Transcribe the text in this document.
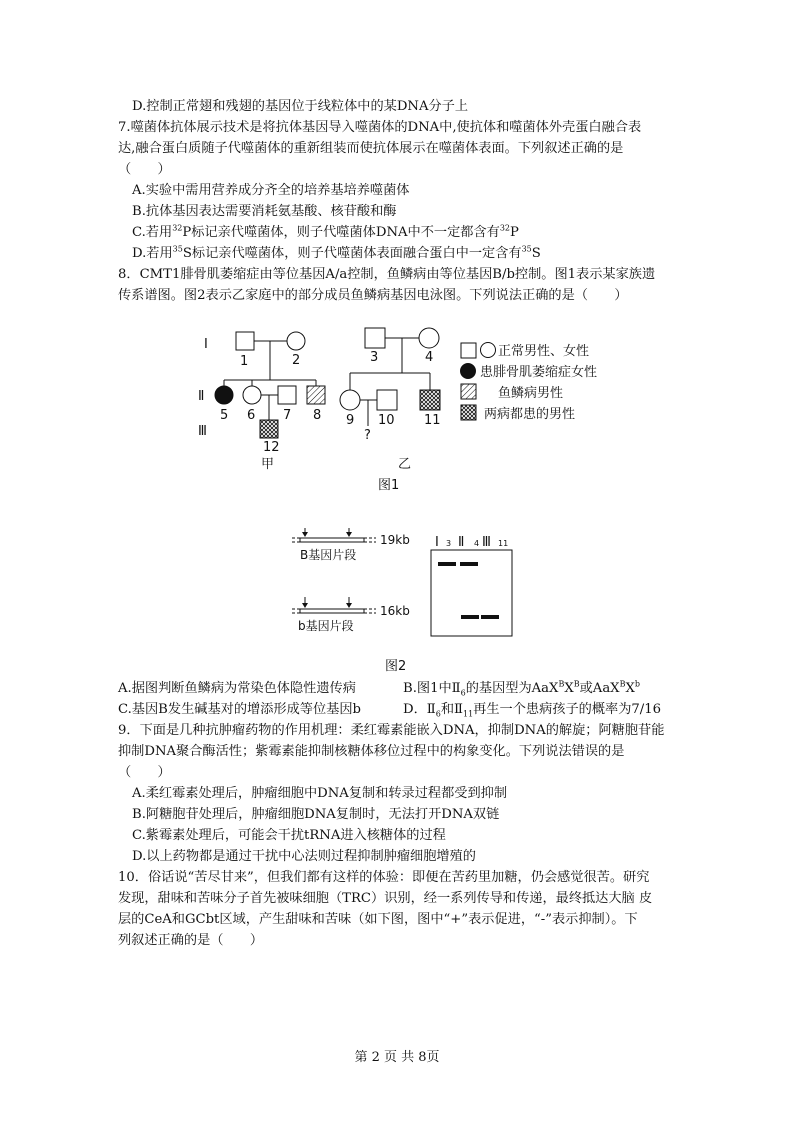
D.控制正常翅和残翅的基因位于线粒体中的某DNA分子上
7.噬菌体抗体展示技术是将抗体基因导入噬菌体的DNA中,使抗体和噬菌体外壳蛋白融合表
达,融合蛋白质随子代噬菌体的重新组装而使抗体展示在噬菌体表面。下列叙述正确的是
（　　）
A.实验中需用营养成分齐全的培养基培养噬菌体
B.抗体基因表达需要消耗氨基酸、核苷酸和酶
C.若用$^{32}$P标记亲代噬菌体，则子代噬菌体DNA中不一定都含有$^{32}$P
D.若用$^{35}$S标记亲代噬菌体，则子代噬菌体表面融合蛋白中一定含有$^{35}$S
8．CMT1腓骨肌萎缩症由等位基因A/a控制，鱼鳞病由等位基因B/b控制。图1表示某家族遗
传系谱图。图2表示乙家庭中的部分成员鱼鳞病基因电泳图。下列说法正确的是（　　）
Ⅰ
Ⅱ
Ⅲ
1	2	3	4
5 6 7 8 9 10 11
12
?
甲	乙
图1
正常男性、女性
患腓骨肌萎缩症女性
鱼鳞病男性
两病都患的男性
19kb
16kb
B基因片段
b基因片段
Ⅰ 3 Ⅱ 4 Ⅲ 11
图2
A.据图判断鱼鳞病为常染色体隐性遗传病	B.图1中$Ⅱ_6$的基因型为$AaX^BX^B$或$AaX^BX^b$
C.基因B发生碱基对的增添形成等位基因b	D．$Ⅱ_6$和$Ⅱ_{11}$再生一个患病孩子的概率为7/16
9．下面是几种抗肿瘤药物的作用机理：柔红霉素能嵌入DNA，抑制DNA的解旋；阿糖胞苷能
抑制DNA聚合酶活性；紫霉素能抑制核糖体移位过程中的构象变化。下列说法错误的是
（　　）
A.柔红霉素处理后，肿瘤细胞中DNA复制和转录过程都受到抑制
B.阿糖胞苷处理后，肿瘤细胞DNA复制时，无法打开DNA双链
C.紫霉素处理后，可能会干扰tRNA进入核糖体的过程
D.以上药物都是通过干扰中心法则过程抑制肿瘤细胞增殖的
10．俗话说“苦尽甘来”，但我们都有这样的体验：即便在苦药里加糖，仍会感觉很苦。研究
发现，甜味和苦味分子首先被味细胞（TRC）识别，经一系列传导和传递，最终抵达大脑 皮
层的CeA和GCbt区域，产生甜味和苦味（如下图，图中“+”表示促进，“-”表示抑制）。下
列叙述正确的是（　　）
第 2 页 共 8页
